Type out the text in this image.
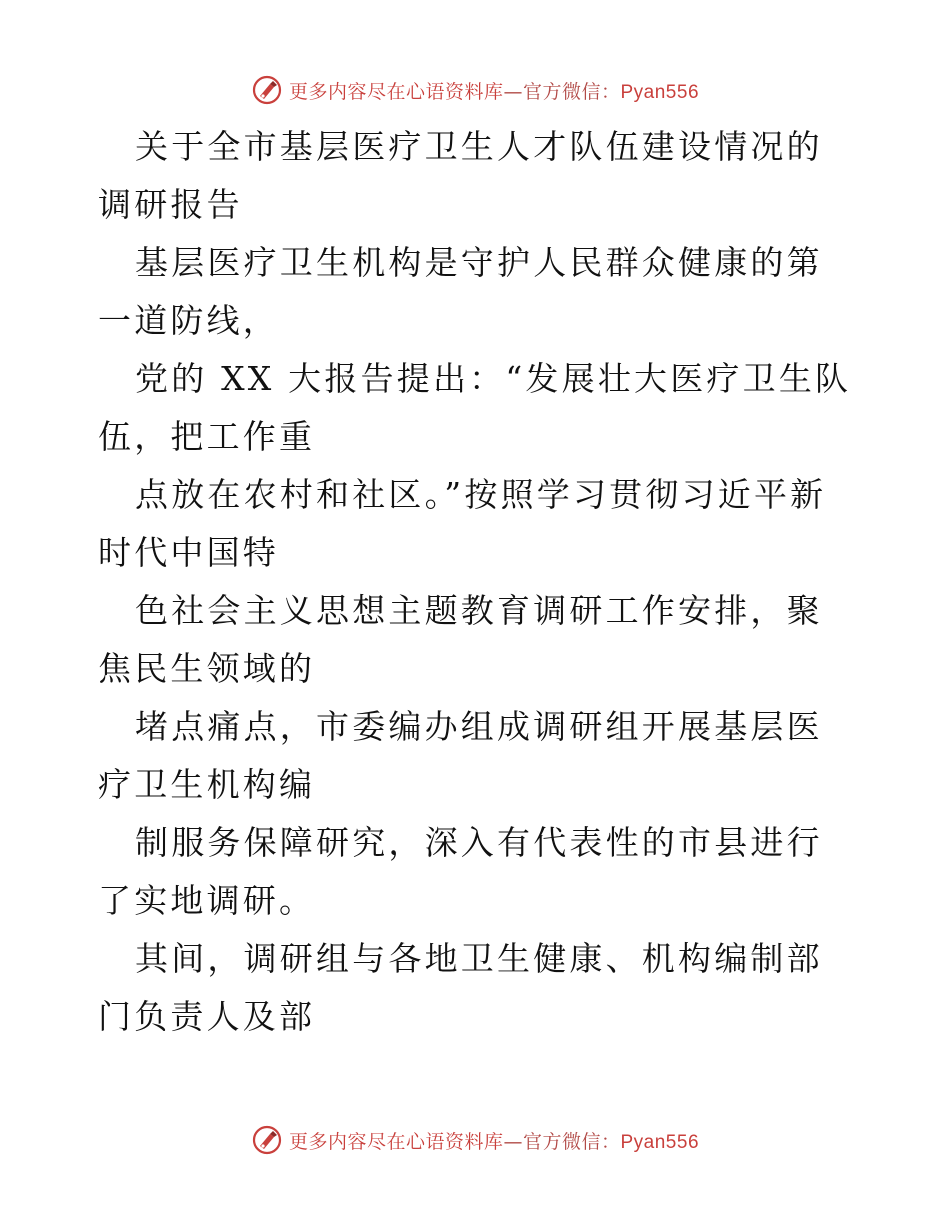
更多内容尽在心语资料库—官方微信：Pyan556

关于全市基层医疗卫生人才队伍建设情况的调研报告

基层医疗卫生机构是守护人民群众健康的第一道防线，

党的 XX 大报告提出：“发展壮大医疗卫生队伍，把工作重

点放在农村和社区。”按照学习贯彻习近平新时代中国特

色社会主义思想主题教育调研工作安排，聚焦民生领域的

堵点痛点，市委编办组成调研组开展基层医疗卫生机构编

制服务保障研究，深入有代表性的市县进行了实地调研。

其间，调研组与各地卫生健康、机构编制部门负责人及部

更多内容尽在心语资料库—官方微信：Pyan556
